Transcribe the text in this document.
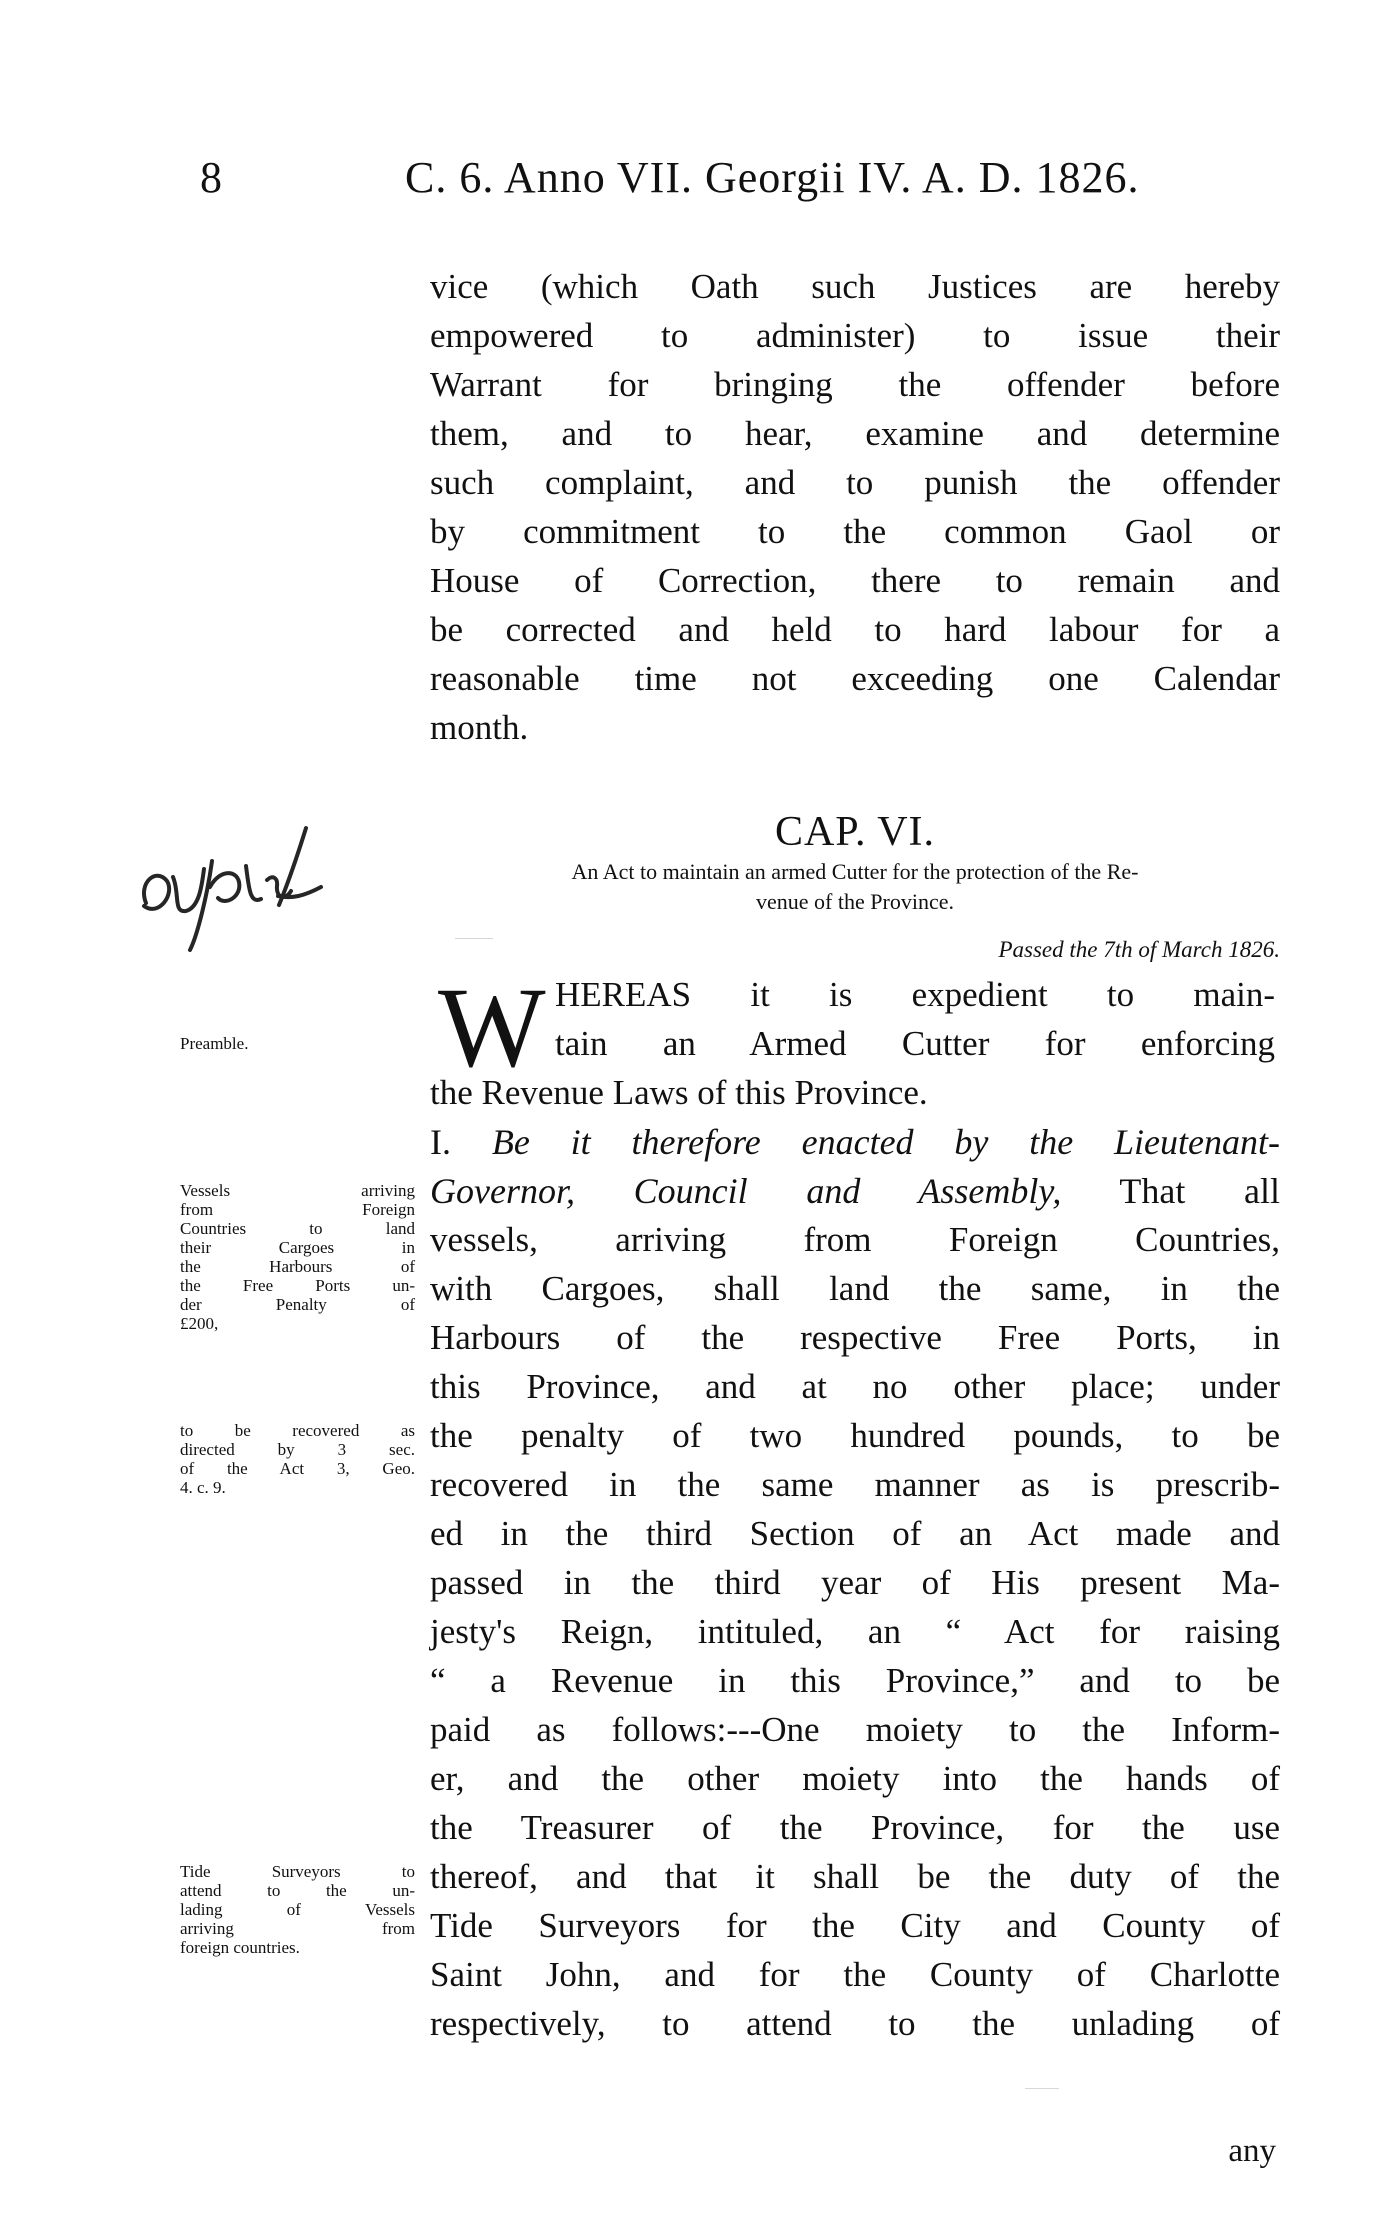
8	C. 6. Anno VII. Georgii IV. A. D. 1826.
vice (which Oath such Justices are hereby
empowered to administer) to issue their
Warrant for bringing the offender before
them, and to hear, examine and determine
such complaint, and to punish the offender
by commitment to the common Gaol or
House of Correction, there to remain and
be corrected and held to hard labour for a
reasonable time not exceeding one Calendar
month.
CAP. VI.
An Act to maintain an armed Cutter for the protection of the Re-
venue of the Province.
Passed the 7th of March 1826.
W HEREAS it is expedient to main-
tain an Armed Cutter for enforcing
the Revenue Laws of this Province.
I. Be it therefore enacted by the Lieutenant-
Governor, Council and Assembly, That all
vessels, arriving from Foreign Countries,
with Cargoes, shall land the same, in the
Harbours of the respective Free Ports, in
this Province, and at no other place; under
the penalty of two hundred pounds, to be
recovered in the same manner as is prescrib-
ed in the third Section of an Act made and
passed in the third year of His present Ma-
jesty's Reign, intituled, an “ Act for raising
“ a Revenue in this Province,” and to be
paid as follows:---One moiety to the Inform-
er, and the other moiety into the hands of
the Treasurer of the Province, for the use
thereof, and that it shall be the duty of the
Tide Surveyors for the City and County of
Saint John, and for the County of Charlotte
respectively, to attend to the unlading of
any
Preamble.
Vessels arriving
from Foreign
Countries to land
their Cargoes in
the Harbours of
the Free Ports un-
der Penalty of
£200,
to be recovered as
directed by 3 sec.
of the Act 3, Geo.
4. c. 9.
Tide Surveyors to
attend to the un-
lading of Vessels
arriving from
foreign countries.
